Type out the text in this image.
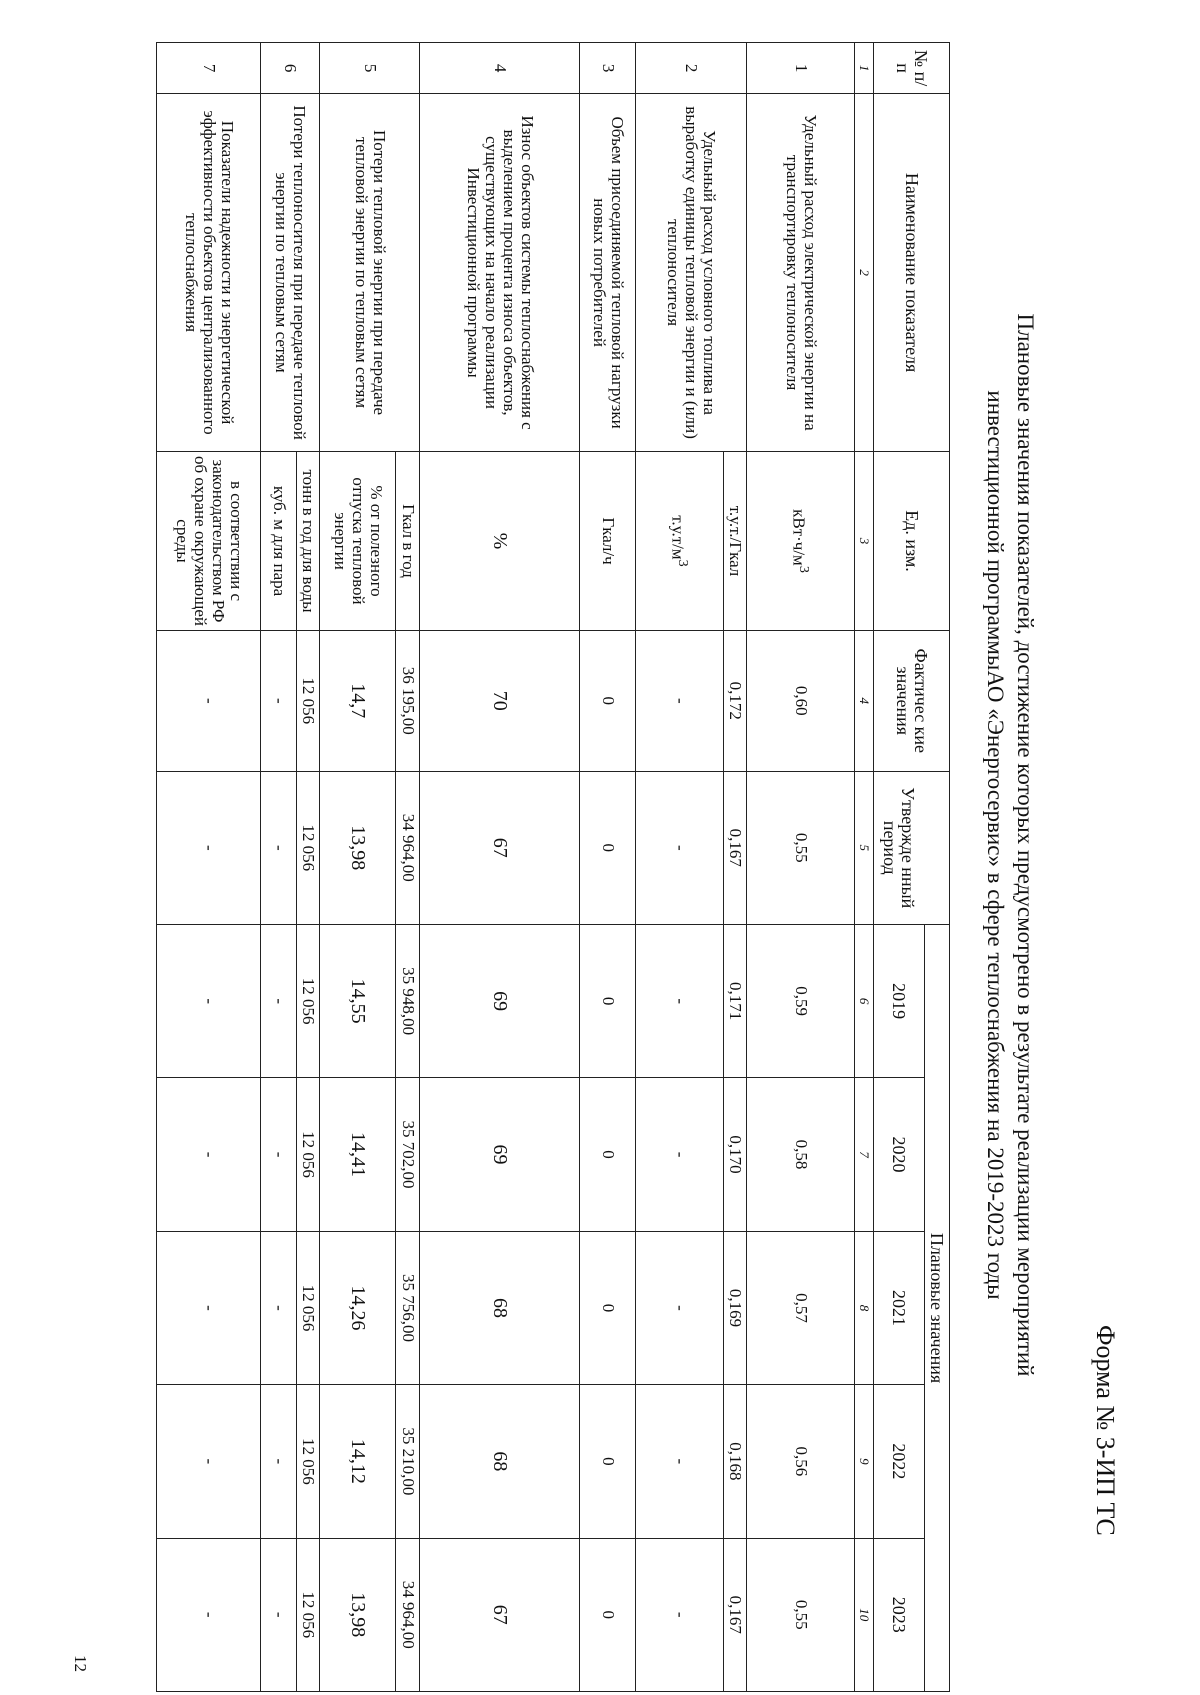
Форма № 3-ИП ТС
Плановые значения показателей, достижение которых предусмотрено в результате реализации мероприятий
инвестиционной программыАО «Энергосервис» в сфере теплоснабжения на 2019-2023 годы
№ п/п	Наименование показателя	Ед. изм.	Фактичес кие значения		Плановые значения				
				Утвержде нный период	2019	2020	2021	2022	2023
1	2	3	4	5	6	7	8	9	10
1	Удельный расход электрической энергии на транспортировку теплоносителя	$кВт\cdot ч/м^3$	0,60	0,55	0,59	0,58	0,57	0,56	0,55
2	Удельный расход условного топлива на выработку единицы тепловой энергии и (или) теплоносителя	т.у.т./Гкал	0,172	0,167	0,171	0,170	0,169	0,168	0,167
		$т.у.т/м^3$	-	-	-	-	-	-	-
3	Объем присоединяемой тепловой нагрузки новых потребителей	Гкал/ч	0	0	0	0	0	0	0
4	Износ объектов системы теплоснабжения с выделением процента износа объектов, существующих на начало реализации Инвестиционной программы	%	70	67	69	69	68	68	67
5	Потери тепловой энергии при передаче тепловой энергии по тепловым сетям	Гкал в год	36 195,00	34 964,00	35 948,00	35 702,00	35 756,00	35 210,00	34 964,00
		% от полезного отпуска тепловой энергии	14,7	13,98	14,55	14,41	14,26	14,12	13,98
6	Потери теплоносителя при передаче тепловой энергии по тепловым сетям	тонн в год для воды	12 056	12 056	12 056	12 056	12 056	12 056	12 056
		куб. м для пара	-	-	-	-	-	-	-
7	Показатели надежности и энергетической эффективности объектов централизованного теплоснабжения	в соответствии с законодательством РФ об охране окружающей среды	-	-	-	-	-	-	-
12
